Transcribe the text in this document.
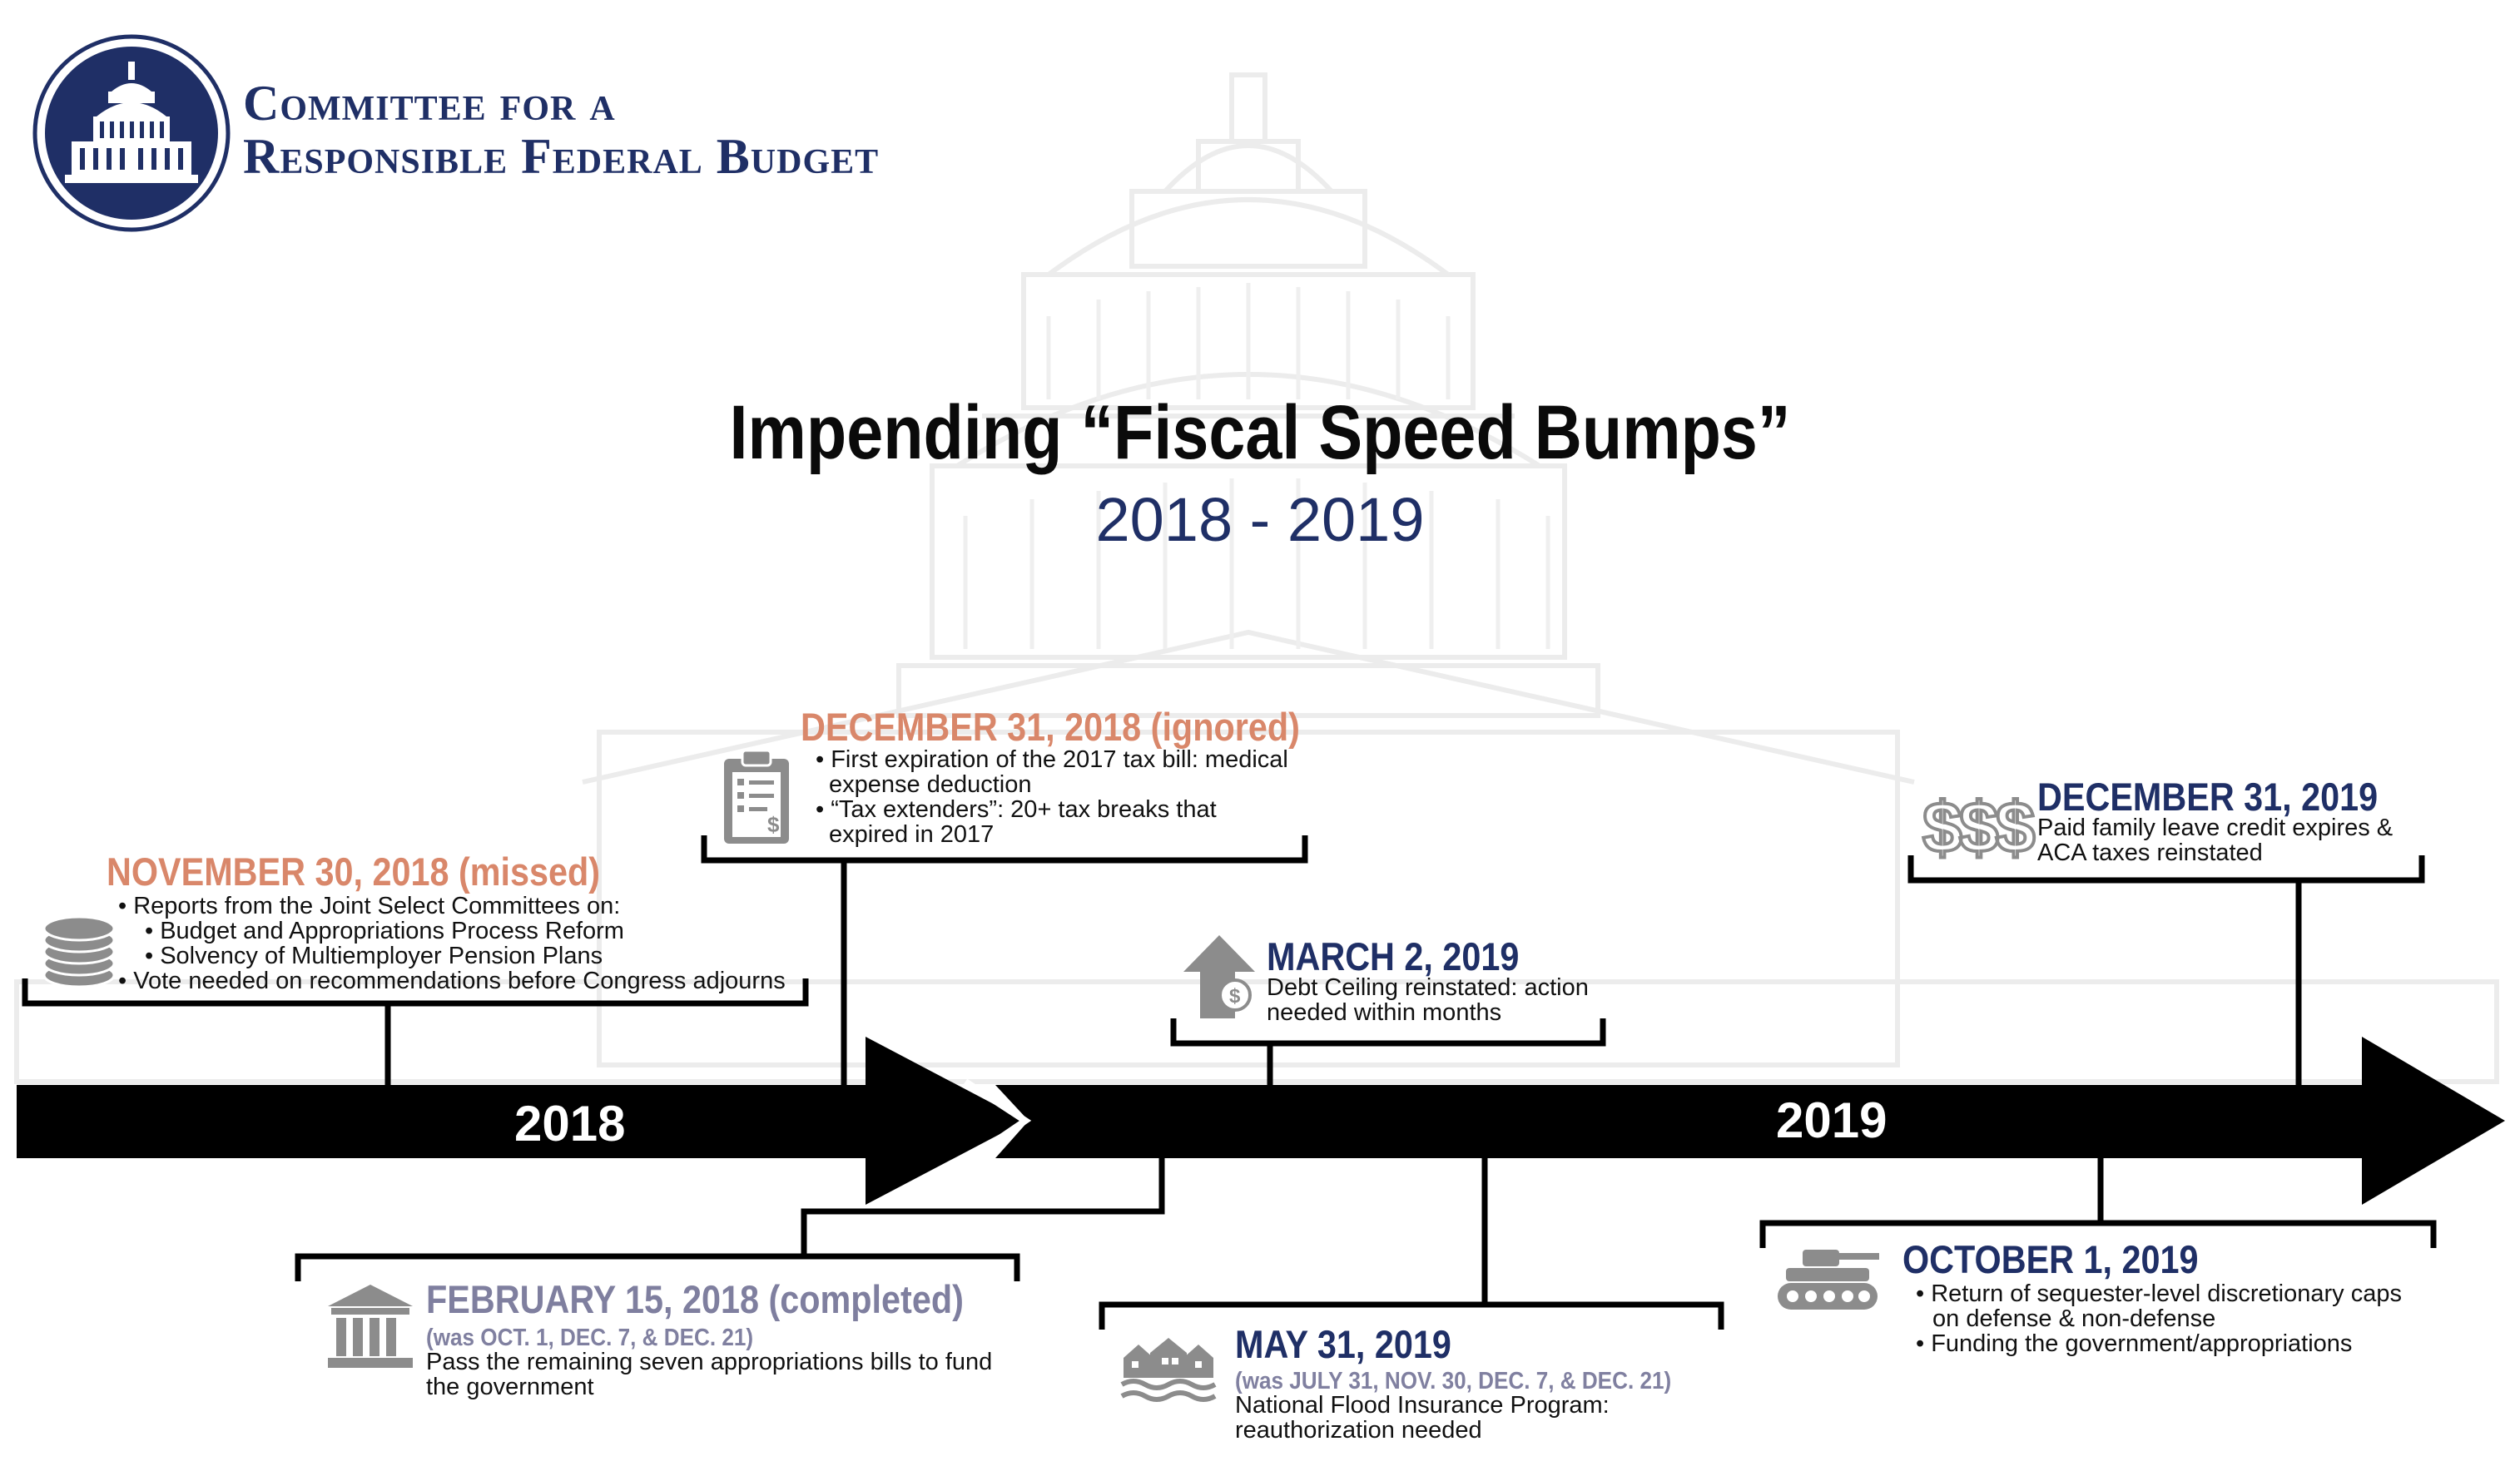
Committee for a
Responsible Federal Budget
Impending “Fiscal Speed Bumps”
2018 - 2019
2018	2019
NOVEMBER 30, 2018 (missed)
• Reports from the Joint Select Committees on:
• Budget and Appropriations Process Reform
• Solvency of Multiemployer Pension Plans
• Vote needed on recommendations before Congress adjourns
$
DECEMBER 31, 2018 (ignored)
• First expiration of the 2017 tax bill: medical
expense deduction
• “Tax extenders”: 20+ tax breaks that
expired in 2017
$
MARCH 2, 2019
Debt Ceiling reinstated: action
needed within months
$$$ DECEMBER 31, 2019
Paid family leave credit expires &
ACA taxes reinstated
FEBRUARY 15, 2018 (completed)
(was OCT. 1, DEC. 7, & DEC. 21)
Pass the remaining seven appropriations bills to fund
the government
MAY 31, 2019
(was JULY 31, NOV. 30, DEC. 7, & DEC. 21)
National Flood Insurance Program:
reauthorization needed
OCTOBER 1, 2019
• Return of sequester-level discretionary caps
on defense & non-defense
• Funding the government/appropriations
